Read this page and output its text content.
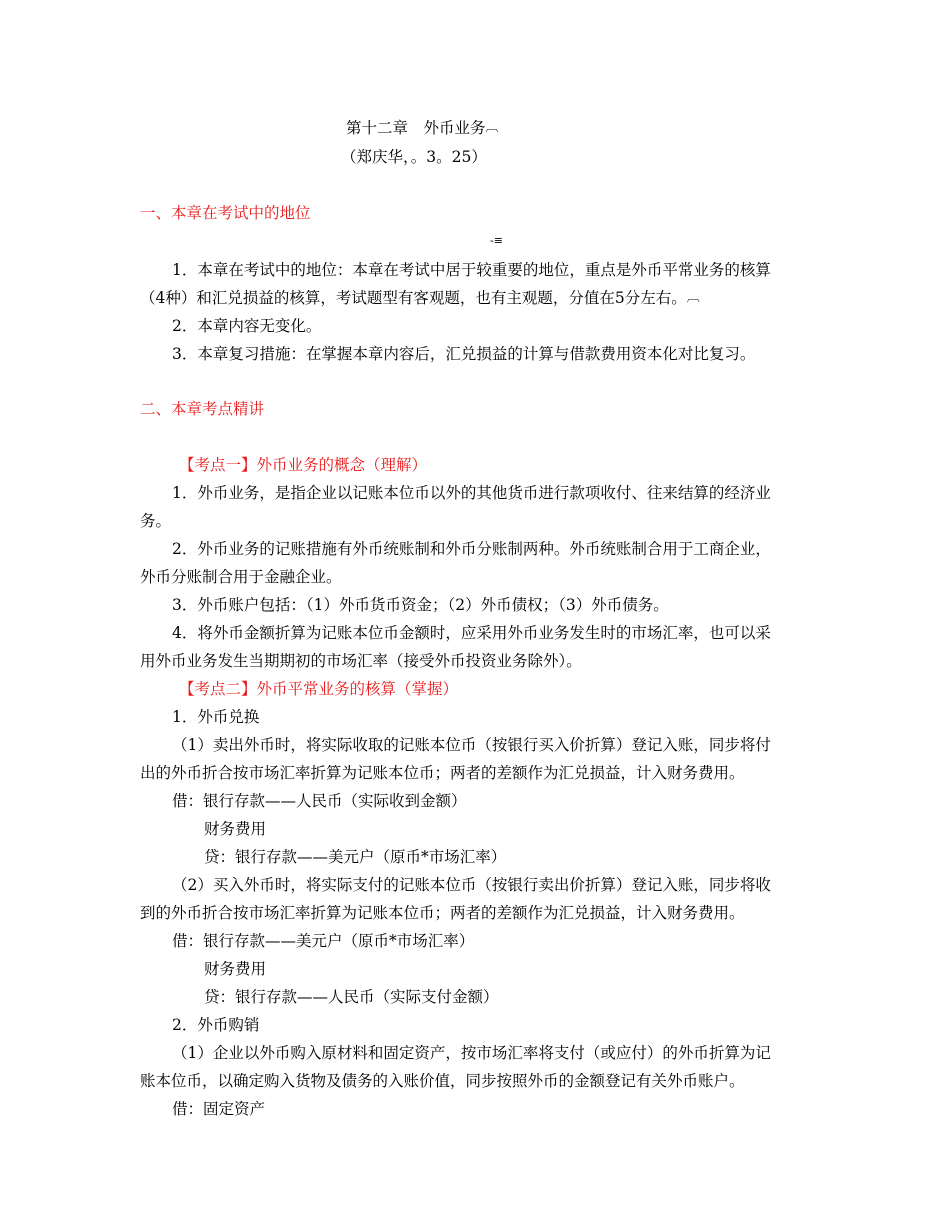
第十二章　外币业务︹
（郑庆华，。3。25）
一、本章在考试中的地位
-≡
1．本章在考试中的地位：本章在考试中居于较重要的地位，重点是外币平常业务的核算
（4种）和汇兑损益的核算，考试题型有客观题，也有主观题，分值在5分左右。︹
2．本章内容无变化。
3．本章复习措施：在掌握本章内容后，汇兑损益的计算与借款费用资本化对比复习。
二、本章考点精讲
【考点一】外币业务的概念（理解）
1．外币业务，是指企业以记账本位币以外的其他货币进行款项收付、往来结算的经济业
务。
2．外币业务的记账措施有外币统账制和外币分账制两种。外币统账制合用于工商企业，
外币分账制合用于金融企业。
3．外币账户包括：（1）外币货币资金；（2）外币债权；（3）外币债务。
4．将外币金额折算为记账本位币金额时，应采用外币业务发生时的市场汇率，也可以采
用外币业务发生当期期初的市场汇率（接受外币投资业务除外）。
【考点二】外币平常业务的核算（掌握）
1．外币兑换
（1）卖出外币时，将实际收取的记账本位币（按银行买入价折算）登记入账，同步将付
出的外币折合按市场汇率折算为记账本位币；两者的差额作为汇兑损益，计入财务费用。
借：银行存款——人民币（实际收到金额）
财务费用
贷：银行存款——美元户（原币*市场汇率）
（2）买入外币时，将实际支付的记账本位币（按银行卖出价折算）登记入账，同步将收
到的外币折合按市场汇率折算为记账本位币；两者的差额作为汇兑损益，计入财务费用。
借：银行存款——美元户（原币*市场汇率）
财务费用
贷：银行存款——人民币（实际支付金额）
2．外币购销
（1）企业以外币购入原材料和固定资产，按市场汇率将支付（或应付）的外币折算为记
账本位币，以确定购入货物及债务的入账价值，同步按照外币的金额登记有关外币账户。
借：固定资产
